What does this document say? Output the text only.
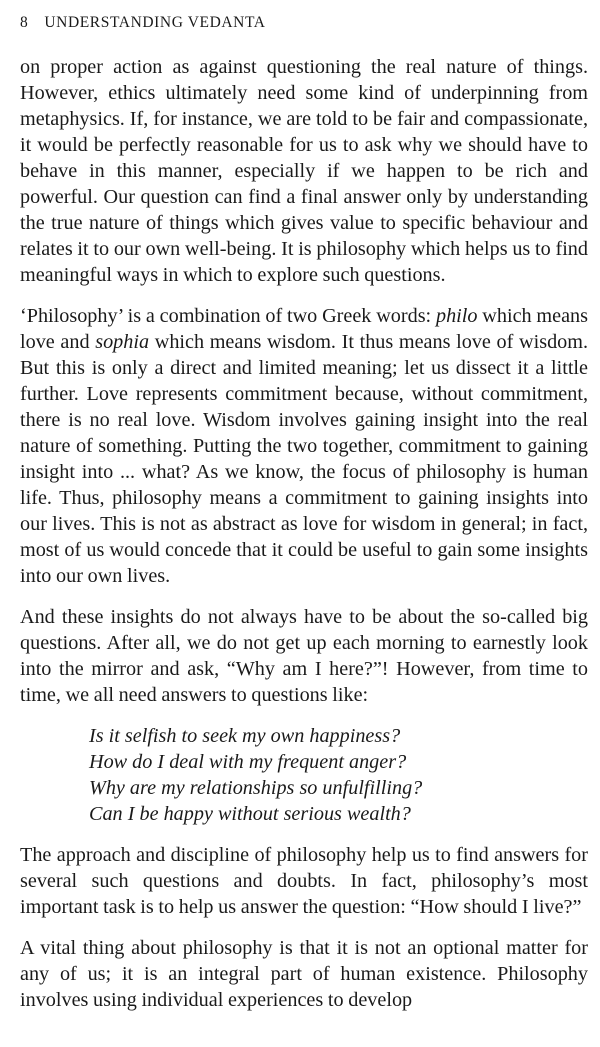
8 UNDERSTANDING VEDANTA

on proper action as against questioning the real nature of things. However, ethics ultimately need some kind of underpinning from metaphysics. If, for instance, we are told to be fair and compassionate, it would be perfectly reasonable for us to ask why we should have to behave in this manner, especially if we happen to be rich and powerful. Our question can find a final answer only by understanding the true nature of things which gives value to specific behaviour and relates it to our own well-being. It is philosophy which helps us to find meaningful ways in which to explore such questions.

‘Philosophy’ is a combination of two Greek words: philo which means love and sophia which means wisdom. It thus means love of wisdom. But this is only a direct and limited meaning; let us dissect it a little further. Love represents commitment because, without commitment, there is no real love. Wisdom involves gaining insight into the real nature of something. Putting the two together, commitment to gaining insight into ... what? As we know, the focus of philosophy is human life. Thus, philosophy means a commitment to gaining insights into our lives. This is not as abstract as love for wisdom in general; in fact, most of us would concede that it could be useful to gain some insights into our own lives.

And these insights do not always have to be about the so-called big questions. After all, we do not get up each morning to earnestly look into the mirror and ask, “Why am I here?”! However, from time to time, we all need answers to questions like:

Is it selfish to seek my own happiness?
How do I deal with my frequent anger?
Why are my relationships so unfulfilling?
Can I be happy without serious wealth?

The approach and discipline of philosophy help us to find answers for several such questions and doubts. In fact, philosophy’s most important task is to help us answer the question: “How should I live?”

A vital thing about philosophy is that it is not an optional matter for any of us; it is an integral part of human existence. Philosophy involves using individual experiences to develop
